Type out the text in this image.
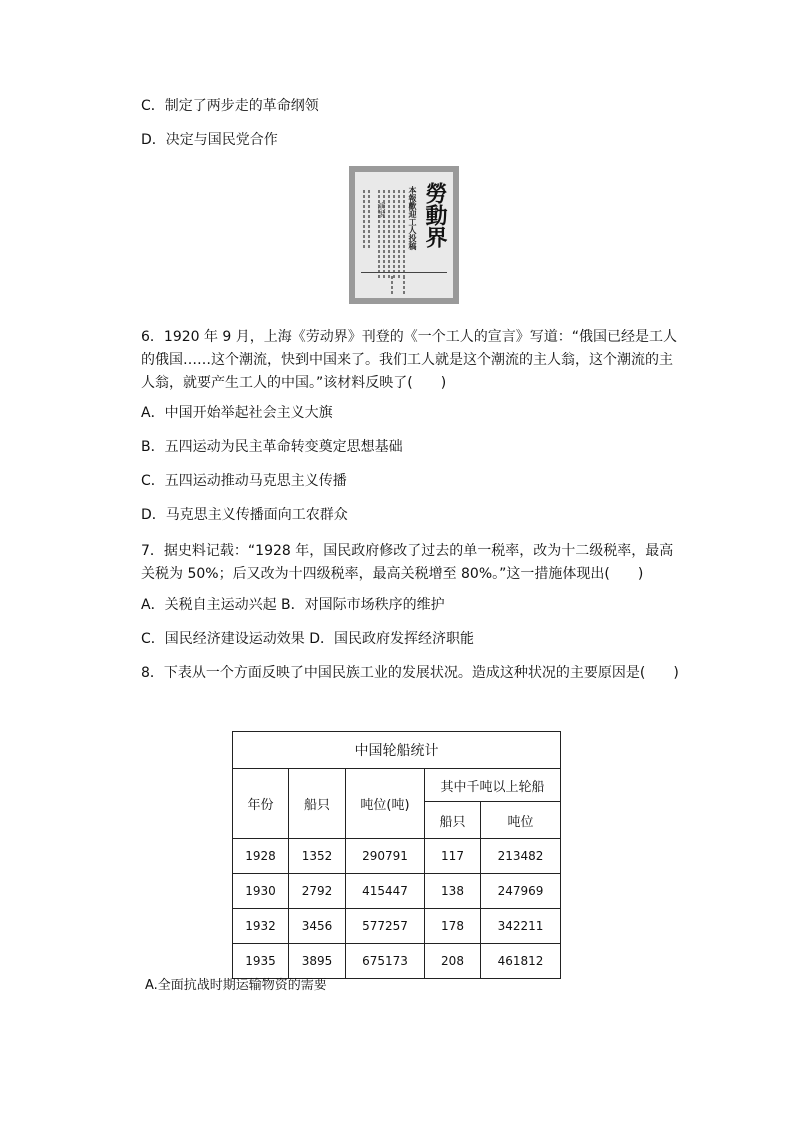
C．制定了两步走的革命纲领
D．决定与国民党合作
勞動界
本報歡迎工人投稿
演說
6．1920 年 9 月，上海《劳动界》刊登的《一个工人的宣言》写道：“俄国已经是工人的俄国……这个潮流，快到中国来了。我们工人就是这个潮流的主人翁，这个潮流的主人翁，就要产生工人的中国。”该材料反映了(　　)
A．中国开始举起社会主义大旗
B．五四运动为民主革命转变奠定思想基础
C．五四运动推动马克思主义传播
D．马克思主义传播面向工农群众
7．据史料记载：“1928 年，国民政府修改了过去的单一税率，改为十二级税率，最高关税为 50%；后又改为十四级税率，最高关税增至 80%。”这一措施体现出(　　)
A．关税自主运动兴起 B．对国际市场秩序的维护
C．国民经济建设运动效果 D．国民政府发挥经济职能
8．下表从一个方面反映了中国民族工业的发展状况。造成这种状况的主要原因是(　　)
中国轮船统计				
年份	船只	吨位(吨)	其中千吨以上轮船	
			船只	吨位
1928	1352	290791	117	213482
1930	2792	415447	138	247969
1932	3456	577257	178	342211
1935	3895	675173	208	461812
A.全面抗战时期运输物资的需要
